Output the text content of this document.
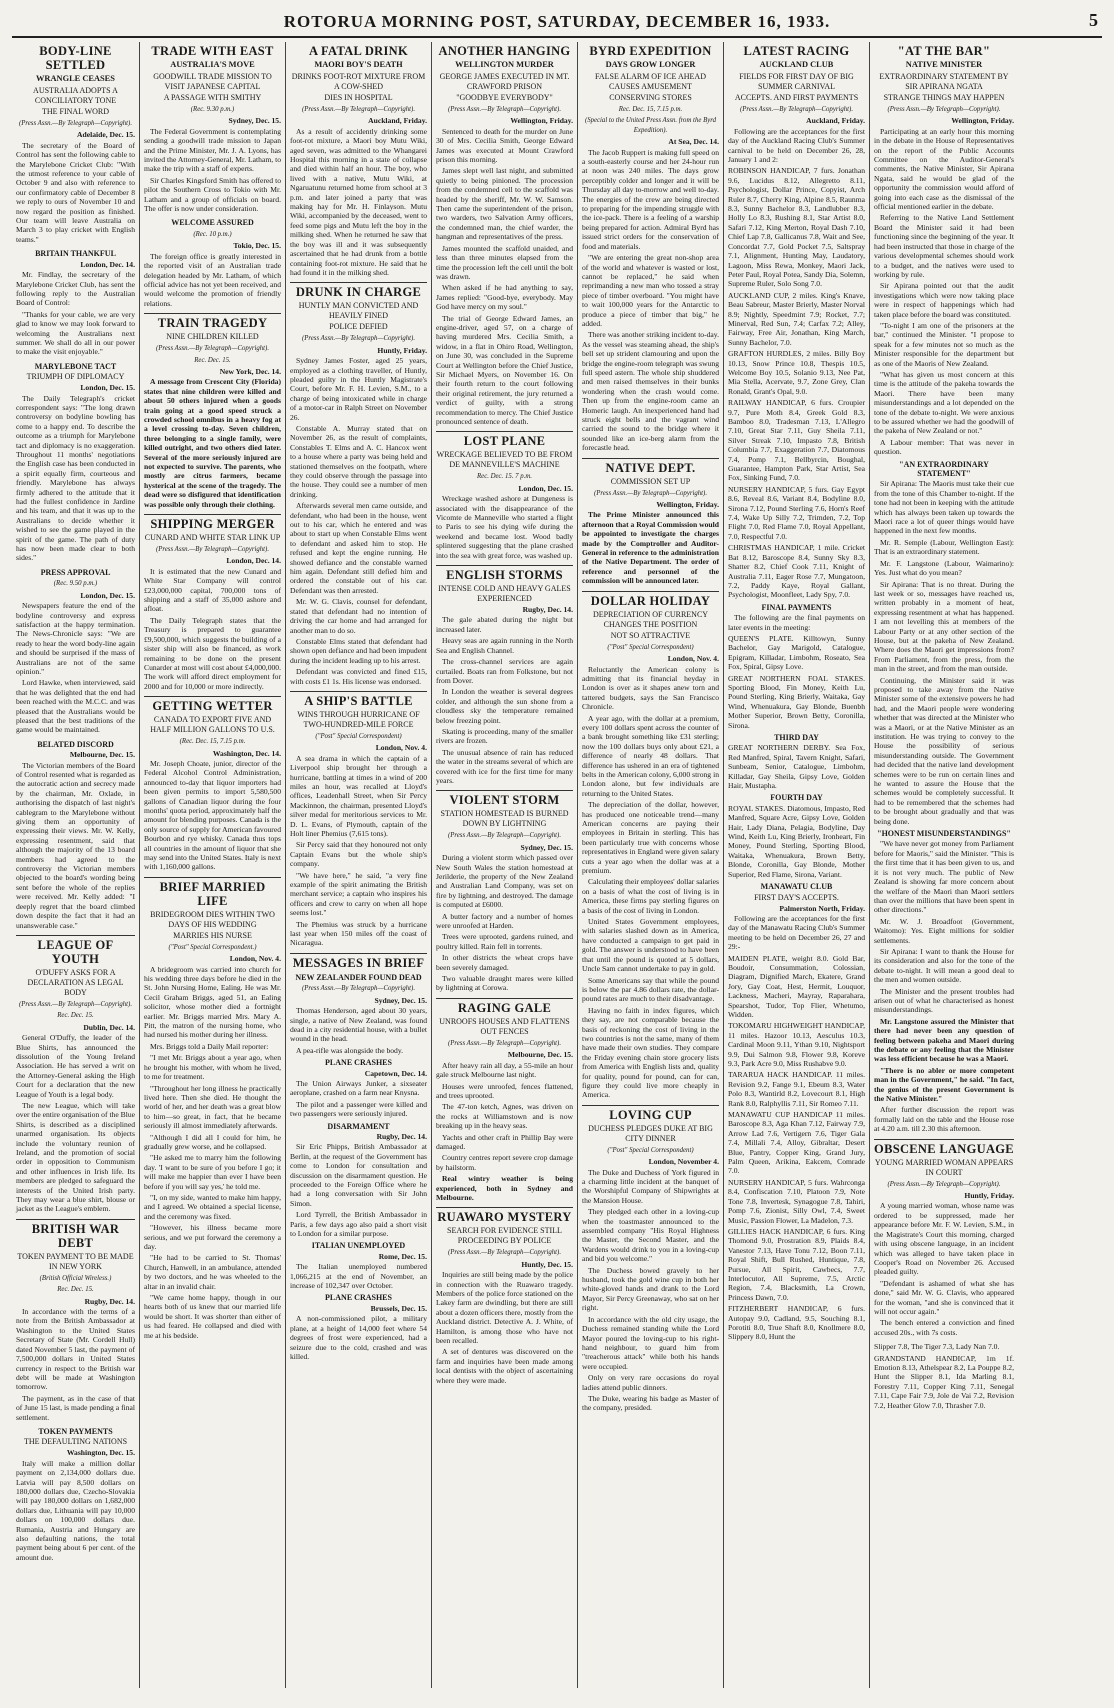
ROTORUA MORNING POST, SATURDAY, DECEMBER 16, 1933.	5
BODY-LINE SETTLED
WRANGLE CEASES
AUSTRALIA ADOPTS A CONCILIATORY TONE
THE FINAL WORD
(Press Assn.—By Telegraph—Copyright).
Adelaide, Dec. 15.

The secretary of the Board of Control has sent the following cable to the Marylebone Cricket Club: "With the utmost reference to your cable of October 9 and also with reference to our confirmatory cable of December 8 we reply to ours of November 10 and now regard the position as finished. Our team will leave Australia on March 3 to play cricket with English teams."

BRITAIN THANKFUL
London, Dec. 14.

Mr. Findlay, the secretary of the Marylebone Cricket Club, has sent the following reply to the Australian Board of Control:

"Thanks for your cable, we are very glad to know we may look forward to welcoming the Australians next summer. We shall do all in our power to make the visit enjoyable."

MARYLEBONE TACT
TRIUMPH OF DIPLOMACY
London, Dec. 15.

The Daily Telegraph's cricket correspondent says: "The long drawn controversy on bodyline bowling has come to a happy end. To describe the outcome as a triumph for Marylebone tact and diplomacy is no exaggeration. Throughout 11 months' negotiations the English case has been conducted in a spirit equally firm, courteous and friendly. Marylebone has always firmly adhered to the attitude that it had the fullest confidence in Jardine and his team, and that it was up to the Australians to decide whether it wished to see the game played in the spirit of the game. The path of duty has now been made clear to both sides."

PRESS APPROVAL
(Rec. 9.50 p.m.)
London, Dec. 15.

Newspapers feature the end of the bodyline controversy and express satisfaction at the happy termination. The News-Chronicle says: "We are ready to hear the word body-line again and should be surprised if the mass of Australians are not of the same opinion."

Lord Hawke, when interviewed, said that he was delighted that the end had been reached with the M.C.C. and was pleased that the Australians would be pleased that the best traditions of the game would be maintained.

BELATED DISCORD
Melbourne, Dec. 15.

The Victorian members of the Board of Control resented what is regarded as the autocratic action and secrecy made by the chairman, Mr. Oxlade, in authorising the dispatch of last night's cablegram to the Marylebone without giving them an opportunity of expressing their views. Mr. W. Kelly, expressing resentment, said that although the majority of the 13 board members had agreed to the controversy the Victorian members objected to the board's wording being sent before the whole of the replies were received. Mr. Kelly added: "I deeply regret that the board climbed down despite the fact that it had an unanswerable case."

LEAGUE OF YOUTH
O'DUFFY ASKS FOR A DECLARATION AS LEGAL BODY
(Press Assn.—By Telegraph—Copyright).
Rec. Dec. 15.
Dublin, Dec. 14.

General O'Duffy, the leader of the Blue Shirts, has announced the dissolution of the Young Ireland Association. He has served a writ on the Attorney-General asking the High Court for a declaration that the new League of Youth is a legal body.

The new League, which will take over the entire organisation of the Blue Shirts, is described as a disciplined unarmed organisation. Its objects include the voluntary reunion of Ireland, and the promotion of social order in opposition to Communism and other influences in Irish life. Its members are pledged to safeguard the interests of the United Irish party. They may wear a blue shirt, blouse or jacket as the League's emblem.

BRITISH WAR DEBT
TOKEN PAYMENT TO BE MADE IN NEW YORK
(British Official Wireless.)
Rec. Dec. 15.
Rugby, Dec. 14.

In accordance with the terms of a note from the British Ambassador at Washington to the United States Secretary of State (Mr. Cordell Hull) dated November 5 last, the payment of 7,500,000 dollars in United States currency in respect to the British war debt will be made at Washington tomorrow.

The payment, as in the case of that of June 15 last, is made pending a final settlement.

TOKEN PAYMENTS
THE DEFAULTING NATIONS
Washington, Dec. 15.

Italy will make a million dollar payment on 2,134,000 dollars due. Latvia will pay 8,500 dollars on 180,000 dollars due, Czecho-Slovakia will pay 180,000 dollars on 1,682,000 dollars due, Lithuania will pay 10,000 dollars on 100,000 dollars due. Rumania, Austria and Hungary are also defaulting nations, the total payment being about 6 per cent. of the amount due.

TRADE WITH EAST
AUSTRALIA'S MOVE
GOODWILL TRADE MISSION TO VISIT JAPANESE CAPITAL
A PASSAGE WITH SMITHY
(Rec. 9.30 p.m.)
Sydney, Dec. 15.

The Federal Government is contemplating sending a goodwill trade mission to Japan and the Prime Minister, Mr. J. A. Lyons, has invited the Attorney-General, Mr. Latham, to make the trip with a staff of experts.

Sir Charles Kingsford Smith has offered to pilot the Southern Cross to Tokio with Mr. Latham and a group of officials on board. The offer is now under consideration.

WELCOME ASSURED
(Rec. 10 p.m.)
Tokio, Dec. 15.

The foreign office is greatly interested in the reported visit of an Australian trade delegation headed by Mr. Latham, of which official advice has not yet been received, and would welcome the promotion of friendly relations.

TRAIN TRAGEDY
NINE CHILDREN KILLED
(Press Assn.—By Telegraph—Copyright).
Rec. Dec. 15.
New York, Dec. 14.

A message from Crescent City (Florida) states that nine children were killed and about 50 others injured when a goods train going at a good speed struck a crowded school omnibus in a heavy fog at a level crossing to-day. Seven children, three belonging to a single family, were killed outright, and two others died later. Several of the more seriously injured are not expected to survive. The parents, who mostly are citrus farmers, became hysterical at the scene of the tragedy. The dead were so disfigured that identification was possible only through their clothing.

SHIPPING MERGER
CUNARD AND WHITE STAR LINK UP
(Press Assn.—By Telegraph—Copyright).
London, Dec. 14.

It is estimated that the new Cunard and White Star Company will control £23,000,000 capital, 700,000 tons of shipping and a staff of 35,000 ashore and afloat.

The Daily Telegraph states that the Treasury is prepared to guarantee £9,500,000, which suggests the building of a sister ship will also be financed, as work remaining to be done on the present Cunarder at most will cost about £4,000,000. The work will afford direct employment for 2000 and for 10,000 or more indirectly.

GETTING WETTER
CANADA TO EXPORT FIVE AND HALF MILLION GALLONS TO U.S.
(Rec. Dec. 15, 7.15 p.m.
Washington, Dec. 14.

Mr. Joseph Choate, junior, director of the Federal Alcohol Control Administration, announced to-day that liquor importers had been given permits to import 5,580,500 gallons of Canadian liquor during the four months' quota period, approximately half the amount for blending purposes. Canada is the only source of supply for American favoured Bourbon and rye whisky. Canada thus tops all countries in the amount of liquor that she may send into the United States. Italy is next with 1,160,000 gallons.

BRIEF MARRIED LIFE
BRIDEGROOM DIES WITHIN TWO DAYS OF HIS WEDDING
MARRIES HIS NURSE
("Post" Special Correspondent.)
London, Nov. 4.

A bridegroom was carried into church for his wedding three days before he died in the St. John Nursing Home, Ealing. He was Mr. Cecil Graham Briggs, aged 51, an Ealing solicitor, whose mother died a fortnight earlier. Mr. Briggs married Mrs. Mary A. Pitt, the matron of the nursing home, who had nursed his mother during her illness.

Mrs. Briggs told a Daily Mail reporter:

"I met Mr. Briggs about a year ago, when he brought his mother, with whom he lived, to me for treatment.

"Throughout her long illness he practically lived here. Then she died. He thought the world of her, and her death was a great blow to him—so great, in fact, that he became seriously ill almost immediately afterwards.

"Although I did all I could for him, he gradually grew worse, and he collapsed.

"He asked me to marry him the following day. 'I want to be sure of you before I go; it will make me happier than ever I have been before if you will say yes,' he told me.

"I, on my side, wanted to make him happy, and I agreed. We obtained a special license, and the ceremony was fixed.

"However, his illness became more serious, and we put forward the ceremony a day.

"He had to be carried to St. Thomas' Church, Hanwell, in an ambulance, attended by two doctors, and he was wheeled to the altar in an invalid chair.

"We came home happy, though in our hearts both of us knew that our married life would be short. It was shorter than either of us had feared. He collapsed and died with me at his bedside.

A FATAL DRINK
MAORI BOY'S DEATH
DRINKS FOOT-ROT MIXTURE FROM A COW-SHED
DIES IN HOSPITAL
(Press Assn.—By Telegraph—Copyright).
Auckland, Friday.

As a result of accidently drinking some foot-rot mixture, a Maori boy Mutu Wiki, aged seven, was admitted to the Whangarei Hospital this morning in a state of collapse and died within half an hour. The boy, who lived with a native, Mutu Wiki, at Ngaruatunu returned home from school at 3 p.m. and later joined a party that was making hay for Mr. H. Finlayson. Mutu Wiki, accompanied by the deceased, went to feed some pigs and Mutu left the boy in the milking shed. When he returned he saw that the boy was ill and it was subsequently ascertained that he had drunk from a bottle containing foot-rot mixture. He said that he had found it in the milking shed.

DRUNK IN CHARGE
HUNTLY MAN CONVICTED AND HEAVILY FINED
POLICE DEFIED
(Press Assn.—By Telegraph—Copyright).
Huntly, Friday.

Sydney James Foster, aged 25 years, employed as a clothing traveller, of Huntly, pleaded guilty in the Huntly Magistrate's Court, before Mr. F. H. Levien, S.M., to a charge of being intoxicated while in charge of a motor-car in Ralph Street on November 26.

Constable A. Murray stated that on November 26, as the result of complaints, Constables T. Elms and A. C. Hancox went to a house where a party was being held and stationed themselves on the footpath, where they could observe through the passage into the house. They could see a number of men drinking.

Afterwards several men came outside, and defendant, who had been in the house, went out to his car, which he entered and was about to start up when Constable Elms went to defendant and asked him to stop. He refused and kept the engine running. He showed defiance and the constable warned him again. Defendant still defied him and ordered the constable out of his car. Defendant was then arrested.

Mr. W. G. Clavis, counsel for defendant, stated that defendant had no intention of driving the car home and had arranged for another man to do so.

Constable Elms stated that defendant had shown open defiance and had been impudent during the incident leading up to his arrest.

Defendant was convicted and fined £15, with costs £1 1s. His license was endorsed.

A SHIP'S BATTLE
WINS THROUGH HURRICANE OF TWO-HUNDRED-MILE FORCE
("Post" Special Correspondent)
London, Nov. 4.

A sea drama in which the captain of a Liverpool ship brought her through a hurricane, battling at times in a wind of 200 miles an hour, was recalled at Lloyd's offices, Leadenhall Street, when Sir Percy Mackinnon, the chairman, presented Lloyd's silver medal for meritorious services to Mr. D. L. Evans, of Plymouth, captain of the Holt liner Phemius (7,615 tons).

Sir Percy said that they honoured not only Captain Evans but the whole ship's company.

"We have here," he said, "a very fine example of the spirit animating the British merchant service; a captain who inspires his officers and crew to carry on when all hope seems lost."

The Phemius was struck by a hurricane last year when 150 miles off the coast of Nicaragua.

MESSAGES IN BRIEF
NEW ZEALANDER FOUND DEAD
(Press Assn.—By Telegraph—Copyright).
Sydney, Dec. 15.

Thomas Henderson, aged about 30 years, single, a native of New Zealand, was found dead in a city residential house, with a bullet wound in the head.

A pea-rifle was alongside the body.

PLANE CRASHES
Capetown, Dec. 14.

The Union Airways Junker, a sixseater aeroplane, crashed on a farm near Knysna.

The pilot and a passenger were killed and two passengers were seriously injured.

DISARMAMENT
Rugby, Dec. 14.

Sir Eric Phipps, British Ambassador at Berlin, at the request of the Government has come to London for consultation and discussion on the disarmament question. He proceeded to the Foreign Office where he had a long conversation with Sir John Simon.

Lord Tyrrell, the British Ambassador in Paris, a few days ago also paid a short visit to London for a similar purpose.

ITALIAN UNEMPLOYED
Rome, Dec. 15.

The Italian unemployed numbered 1,066,215 at the end of November, an increase of 102,347 over October.

PLANE CRASHES
Brussels, Dec. 15.

A non-commissioned pilot, a military plane, at a height of 14,000 feet where 54 degrees of frost were experienced, had a seizure due to the cold, crashed and was killed.

ANOTHER HANGING
WELLINGTON MURDER
GEORGE JAMES EXECUTED IN MT. CRAWFORD PRISON
"GOODBYE EVERYBODY"
(Press Assn.—By Telegraph—Copyright).
Wellington, Friday.

Sentenced to death for the murder on June 30 of Mrs. Cecilia Smith, George Edward James was executed at Mount Crawford prison this morning.

James slept well last night, and submitted quietly to being pinioned. The procession from the condemned cell to the scaffold was headed by the sheriff, Mr. W. W. Samson. Then came the superintendent of the prison, two warders, two Salvation Army officers, the condemned man, the chief warder, the hangman and representatives of the press.

James mounted the scaffold unaided, and less than three minutes elapsed from the time the procession left the cell until the bolt was drawn.

When asked if he had anything to say, James replied: "Good-bye, everybody. May God have mercy on my soul."

The trial of George Edward James, an engine-driver, aged 57, on a charge of having murdered Mrs. Cecilia Smith, a widow, in a flat in Ohiro Road, Wellington, on June 30, was concluded in the Supreme Court at Wellington before the Chief Justice, Sir Michael Myers, on November 16. On their fourth return to the court following their original retirement, the jury returned a verdict of guilty, with a strong recommendation to mercy. The Chief Justice pronounced sentence of death.

LOST PLANE
WRECKAGE BELIEVED TO BE FROM DE MANNEVILLE'S MACHINE
Rec. Dec. 15. 7 p.m.
London, Dec. 15.

Wreckage washed ashore at Dungeness is associated with the disappearance of the Vicomte de Manneville who started a flight to Paris to see his dying wife during the weekend and became lost. Wood badly splintered suggesting that the plane crashed into the sea with great force, was washed up.

ENGLISH STORMS
INTENSE COLD AND HEAVY GALES EXPERIENCED
Rugby, Dec. 14.

The gale abated during the night but increased later.

Heavy seas are again running in the North Sea and English Channel.

The cross-channel services are again curtailed. Boats ran from Folkstone, but not from Dover.

In London the weather is several degrees colder, and although the sun shone from a cloudless sky the temperature remained below freezing point.

Skating is proceeding, many of the smaller rivers are frozen.

The unusual absence of rain has reduced the water in the streams several of which are covered with ice for the first time for many years.

VIOLENT STORM
STATION HOMESTEAD IS BURNED DOWN BY LIGHTNING
(Press Assn.—By Telegraph—Copyright).
Sydney, Dec. 15.

During a violent storm which passed over New South Wales the station homestead at Jerilderie, the property of the New Zealand and Australian Land Company, was set on fire by lightning, and destroyed. The damage is computed at £6000.

A butter factory and a number of homes were unroofed at Harden.

Trees were uprooted, gardens ruined, and poultry killed. Rain fell in torrents.

In other districts the wheat crops have been severely damaged.

Two valuable draught mares were killed by lightning at Corowa.

RAGING GALE
UNROOFS HOUSES AND FLATTENS OUT FENCES
(Press Assn.—By Telegraph—Copyright).
Melbourne, Dec. 15.

After heavy rain all day, a 55-mile an hour gale struck Melbourne last night.

Houses were unroofed, fences flattened, and trees uprooted.

The 47-ton ketch, Agnes, was driven on the rocks at Williamstown and is now breaking up in the heavy seas.

Yachts and other craft in Phillip Bay were damaged.

Country centres report severe crop damage by hailstorm.

Real wintry weather is being experienced, both in Sydney and Melbourne.

RUAWARO MYSTERY
SEARCH FOR EVIDENCE STILL PROCEEDING BY POLICE
(Press Assn.—By Telegraph—Copyright).
Huntly, Dec. 15.

Inquiries are still being made by the police in connection with the Ruawaro tragedy. Members of the police force stationed on the Lakey farm are dwindling, but there are still about a dozen officers there, mostly from the Auckland district. Detective A. J. White, of Hamilton, is among those who have not been recalled.

A set of dentures was discovered on the farm and inquiries have been made among local dentists with the object of ascertaining where they were made.

BYRD EXPEDITION
DAYS GROW LONGER
FALSE ALARM OF ICE AHEAD CAUSES AMUSEMENT
CONSERVING STORES
Rec. Dec. 15, 7.15 p.m.
(Special to the United Press Assn. from the Byrd Expedition).
At Sea, Dec. 14.

The Jacob Ruppert is making full speed on a south-easterly course and her 24-hour run at noon was 240 miles. The days grow perceptibly colder and longer and it will be Thursday all day to-morrow and well to-day. The energies of the crew are being directed to preparing for the impending struggle with the ice-pack. There is a feeling of a warship being prepared for action. Admiral Byrd has issued strict orders for the conservation of food and materials.

"We are entering the great non-shop area of the world and whatever is wasted or lost, cannot be replaced," he said when reprimanding a new man who tossed a stray piece of timber overboard. "You might have to wait 100,000 years for the Antarctic to produce a piece of timber that big," he added.

There was another striking incident to-day. As the vessel was steaming ahead, the ship's bell set up strident clamouring and upon the bridge the engine-room telegraph was swung full speed astern. The whole ship shuddered and men raised themselves in their bunks wondering when the crash would come. Then up from the engine-room came an Homeric laugh. An inexperienced hand had struck eight bells and the vagrant wind carried the sound to the bridge where it sounded like an ice-berg alarm from the forecastle head.

NATIVE DEPT.
COMMISSION SET UP
(Press Assn.—By Telegraph—Copyright).
Wellington, Friday.

The Prime Minister announced this afternoon that a Royal Commission would be appointed to investigate the charges made by the Comptroller and Auditor-General in reference to the administration of the Native Department. The order of reference and personnel of the commission will be announced later.

DOLLAR HOLIDAY
DEPRECIATION OF CURRENCY CHANGES THE POSITION
NOT SO ATTRACTIVE
("Post" Special Correspondent)
London, Nov. 4.

Reluctantly the American colony is admitting that its financial heyday in London is over as it shapes anew torn and tattered budgets, says the San Francisco Chronicle.

A year ago, with the dollar at a premium, every 100 dollars spent across the counter of a bank brought something like £31 sterling; now the 100 dollars buys only about £21, a difference of nearly 48 dollars. That difference has ushered in an era of tightened belts in the American colony, 6,000 strong in London alone, but few individuals are returning to the United States.

The depreciation of the dollar, however, has produced one noticeable trend—many American concerns are paying their employees in Britain in sterling. This has been particularly true with concerns whose representatives in England were given salary cuts a year ago when the dollar was at a premium.

Calculating their employees' dollar salaries on a basis of what the cost of living is in America, these firms pay sterling figures on a basis of the cost of living in London.

United States Government employees, with salaries slashed down as in America, have conducted a campaign to get paid in gold. The answer is understood to have been that until the pound is quoted at 5 dollars, Uncle Sam cannot undertake to pay in gold.

Some Americans say that while the pound is below the par 4.86 dollars rate, the dollar-pound rates are much to their disadvantage.

Having no faith in index figures, which they say, are not comparable because the basis of reckoning the cost of living in the two countries is not the same, many of them have made their own studies. They compare the Friday evening chain store grocery lists from America with English lists and, quality for quality, pound for pound, can for can, figure they could live more cheaply in America.

LOVING CUP
DUCHESS PLEDGES DUKE AT BIG CITY DINNER
("Post" Special Correspondent)
London, November 4.

The Duke and Duchess of York figured in a charming little incident at the banquet of the Worshipful Company of Shipwrights at the Mansion House.

They pledged each other in a loving-cup when the toastmaster announced to the assembled company "His Royal Highness the Master, the Second Master, and the Wardens would drink to you in a loving-cup and bid you welcome."

The Duchess bowed gravely to her husband, took the gold wine cup in both her white-gloved hands and drank to the Lord Mayor, Sir Percy Greenaway, who sat on her right.

In accordance with the old city usage, the Duchess remained standing while the Lord Mayor poured the loving-cup to his right-hand neighbour, to guard him from "treacherous attack" while both his hands were occupied.

Only on very rare occasions do royal ladies attend public dinners.

The Duke, wearing his badge as Master of the company, presided.

LATEST RACING
AUCKLAND CLUB
FIELDS FOR FIRST DAY OF BIG SUMMER CARNIVAL
ACCEPTS. AND FIRST PAYMENTS
(Press Assn.—By Telegraph—Copyright).
Auckland, Friday.

Following are the acceptances for the first day of the Auckland Racing Club's Summer carnival to be held on December 26, 28, January 1 and 2:

ROBINSON HANDICAP, 7 furs. Jonathan 9.6, Lucidus 8.12, Allegretto 8.11, Psychologist, Dollar Prince, Copyist, Arch Ruler 8.7, Cherry King, Alpine 8.5, Raunma 8.3, Sunny Bachelor 8.3, Landlubber 8.3, Holly Lo 8.3, Rushing 8.1, Star Artist 8.0, Safari 7.12, King Merton, Royal Dash 7.10, Chief Lap 7.8, Gallicanus 7.8, Wait and See, Concordat 7.7, Gold Pocket 7.5, Saltspray 7.1, Alignment, Hunting May, Laudatory, Lagoon, Miss Rewa, Monkey, Maori Jack, Peter Paul, Royal Potea, Sandy Dia, Solemn, Supreme Ruler, Solo Song 7.0.

AUCKLAND CUP, 2 miles. King's Knave, Beau Sabreur, Master Brierly, Master Norval 8.9; Nightly, Speedmint 7.9; Rocket, 7.7; Minerval, Red Sun, 7.4; Carfax 7.2; Alley, Fairway, Free Air, Jonathan, King March, Sunny Bachelor, 7.0.

GRAFTON HURDLES, 2 miles. Billy Boy 10.13, Snow Prince 10.8, Thespis 10.5, Welcome Boy 10.5, Solanio 9.13, Nee Pat, Mia Stella, Acervate, 9.7, Zone Grey, Clan Ronald, Grant's Opal, 9.0.

RAILWAY HANDICAP, 6 furs. Croupier 9.7, Pure Moth 8.4, Greek Gold 8.3, Bamboo 8.0, Tradesman 7.13, L'Allegro 7.10, Great Star 7.11, Guy Sheila 7.11, Silver Streak 7.10, Impasto 7.8, British Columbia 7.7, Exaggeration 7.7, Diatomous 7.4, Pomp 7.1, Bellbyrcin, Boughal, Guarantee, Hampton Park, Star Artist, Sea Fox, Sinking Fund, 7.0.

NURSERY HANDICAP, 5 furs. Gay Egypt 8.6, Reveal 8.6, Variant 8.4, Bodyline 8.0, Sirona 7.12, Pound Sterling 7.6, Horn's Reef 7.4, Wake Up Silly 7.2, Trimden, 7.2, Top Flight 7.0, Red Flame 7.0, Royal Appellant, 7.0, Respectful 7.0.

CHRISTMAS HANDICAP, 1 mile. Cricket Bat 8.12, Baroscope 8.4, Sunny Sky 8.3, Shatter 8.2, Chief Cook 7.11, Knight of Australia 7.11, Eager Rose 7.7, Mungatoon, 7.2, Paddy Kaye, Royal Gallant, Psychologist, Moonfleet, Lady Spy, 7.0.

FINAL PAYMENTS

The following are the final payments on later events in the meeting:

QUEEN'S PLATE. Killtowyn, Sunny Bachelor, Gay Marigold, Catalogue, Epigram, Killadar, Limbohm, Roseato, Sea Fox, Spiral, Gipsy Love.

GREAT NORTHERN FOAL STAKES. Sporting Blood, Fin Money, Keith Lu, Pound Sterling, King Brierly, Waitaka, Gay Wind, Whenuakura, Gay Blonde, Buenbh Mother Superior, Brown Betty, Coronilla, Sirona.

THIRD DAY

GREAT NORTHERN DERBY. Sea Fox, Red Manfred, Spiral, Tavern Knight, Safari, Sunbeam, Senior, Catalogue, Limbohm, Killadar, Gay Sheila, Gipsy Love, Golden Hair, Mustapha.

FOURTH DAY

ROYAL STAKES. Diatomous, Impasto, Red Manfred, Square Acre, Gipsy Love, Golden Hair, Lady Diana, Pelagia, Bodyline, Day Wind, Keith Lu, King Brierly, Ironheart, Fin Money, Pound Sterling, Sporting Blood, Waitaka, Whenuakura, Brown Betty, Blonde, Coronilla, Gay Blonde, Mother Superior, Red Flame, Sirona, Variant.

MANAWATU CLUB
FIRST DAY'S ACCEPTS.
Palmerston North, Friday.

Following are the acceptances for the first day of the Manawatu Racing Club's Summer meeting to be held on December 26, 27 and 29:-

MAIDEN PLATE, weight 8.0. Gold Bar, Boudoir, Consummation, Colossian, Diagram, Dignified March, Ekatere, Grand Jory, Gay Coat, Hest, Hermit, Louquor, Lackness, Macheri, Mayray, Raparahara, Spearshot, Tudor, Top Flier, Whetumo, Widden.

TOKOMARU HIGHWEIGHT HANDICAP, 11 miles. Hazoor 10.13, Aesculus 10.3, Cardinal Moon 9.11, Ythan 9.10, Nightsport 9.9, Dui Salmon 9.8, Flower 9.8, Koreve 9.3, Park Acre 9.0, Miss Rushabve 9.0.

TARARUA HACK HANDICAP. 11 miles. Revision 9.2, Fange 9.1, Ebeum 8.3, Water Polo 8.3, Wantirld 8.2, Lovecourt 8.1, High Rank 8.0, Ralphyllis 7.11, Sir Romeo 7.11.

MANAWATU CUP HANDICAP 11 miles. Baroscope 8.3, Aga Khan 7.12, Fairway 7.9, Arrow Lad 7.6, Vertigern 7.6, Tiger Gala 7.4, Millali 7.4, Alloy, Gibraltar, Desert Blue, Pantry, Copper King, Grand Jury, Palm Queen, Arikina, Eakcem, Comrade 7.0.

NURSERY HANDICAP, 5 furs. Wahrconga 8.4, Confiscation 7.10, Platoon 7.9, Note Tone 7.8, Invertesk, Synagogue 7.8, Tahiri, Pomp 7.6, Zionist, Silly Owl, 7.4, Sweet Music, Passion Flower, La Madelon, 7.3.

GILLIES HACK HANDICAP, 6 furs. King Thomond 9.0, Prostration 8.9, Plaids 8.4, Vanestor 7.13, Have Tonu 7.12, Boon 7.11, Royal Shift, Bull Rushed, Huntique, 7.8, Pursue, All Spirit, Cawbecs, 7.7, Interlocutor, All Supreme, 7.5, Arctic Region, 7.4, Blacksmith, La Crown, Princess Dawn, 7.0.

FITZHERBERT HANDICAP, 6 furs. Autopay 9.0, Cadland, 9.5, Souching 8.1, Porotiti 8.0, True Shaft 8.0, Knollmere 8.0, Slippery 8.0, Hunt the

"AT THE BAR"
NATIVE MINISTER
EXTRAORDINARY STATEMENT BY SIR APIRANA NGATA
STRANGE THINGS MAY HAPPEN
(Press Assn.—By Telegraph—Copyright).
Wellington, Friday.

Participating at an early hour this morning in the debate in the House of Representatives on the report of the Public Accounts Committee on the Auditor-General's comments, the Native Minister, Sir Apirana Ngata, said he would be glad of the opportunity the commission would afford of going into each case as the dismissal of the official mentioned earlier in the debate.

Referring to the Native Land Settlement Board the Minister said it had been functioning since the beginning of the year. It had been instructed that those in charge of the various developmental schemes should work to a budget, and the natives were used to working by rule.

Sir Apirana pointed out that the audit investigations which were now taking place were in respect of happenings which had taken place before the board was constituted.

"To-night I am one of the prisoners at the bar," continued the Minister. "I propose to speak for a few minutes not so much as the Minister responsible for the department but as one of the Maoris of New Zealand.

"What has given us most concern at this time is the attitude of the pakeha towards the Maori. There have been many misunderstandings and a lot depended on the tone of the debate to-night. We were anxious to be assured whether we had the goodwill of the pakeha of New Zealand or not."

A Labour member: That was never in question.

"AN EXTRAORDINARY STATEMENT"

Sir Apirana: The Maoris must take their cue from the tone of this Chamber to-night. If the tone had not been in keeping with the attitude which has always been taken up towards the Maori race a lot of queer things would have happened in the next few months.

Mr. R. Semple (Labour, Wellington East): That is an extraordinary statement.

Mr. F. Langstone (Labour, Waimarino): Yes. Just what do you mean?

Sir Apirana: That is no threat. During the last week or so, messages have reached us, written probably in a moment of heat, expressing resentment at what has happened. I am not levelling this at members of the Labour Party or at any other section of the House, but at the pakeha of New Zealand. Where does the Maori get impressions from? From Parliament, from the press, from the man in the street, and from the man outside.

Continuing, the Minister said it was proposed to take away from the Native Minister some of the extensive powers he had had, and the Maori people were wondering whether that was directed at the Minister who was a Maori, or at the Native Minister as an institution. He was trying to convey to the House the possibility of serious misunderstanding outside. The Government had decided that the native land development schemes were to be run on certain lines and he wanted to assure the House that the schemes would be completely successful. It had to be remembered that the schemes had to be brought about gradually and that was being done.

"HONEST MISUNDERSTANDINGS"

"We have never got money from Parliament before for Maoris," said the Minister. "This is the first time that it has been given to us, and it is not very much. The public of New Zealand is showing far more concern about the welfare of the Maori than Maori settlers than over the millions that have been spent in other directions."

Mr. W. J. Broadfoot (Government, Waitomo): Yes. Eight millions for soldier settlements.

Sir Apirana: I want to thank the House for its consideration and also for the tone of the debate to-night. It will mean a good deal to the men and women outside.

The Minister and the present troubles had arisen out of what he characterised as honest misunderstandings.

Mr. Langstone assured the Minister that there had never been any question of feeling between pakeha and Maori during the debate or any feeling that the Minister was less efficient because he was a Maori.

"There is no abler or more competent man in the Government," he said. "In fact, the genius of the present Government is the Native Minister."

After further discussion the report was formally laid on the table and the House rose at 4.20 a.m. till 2.30 this afternoon.

OBSCENE LANGUAGE
YOUNG MARRIED WOMAN APPEARS IN COURT
(Press Assn.—By Telegraph—Copyright).
Huntly, Friday.

A young married woman, whose name was ordered to be suppressed, made her appearance before Mr. F. W. Levien, S.M., in the Magistrate's Court this morning, charged with using obscene language, in an incident which was alleged to have taken place in Cooper's Road on November 26. Accused pleaded guilty.

"Defendant is ashamed of what she has done," said Mr. W. G. Clavis, who appeared for the woman, "and she is convinced that it will not occur again."

The bench entered a conviction and fined accused 20s., with 7s costs.

Slipper 7.8, The Tiger 7.3, Lady Nan 7.0.

GRANDSTAND HANDICAP, 1m 1f. Emotion 8.13, Athelspear 8.2, La Pouppe 8.2, Hunt the Slipper 8.1, Ida Marling 8.1, Forestry 7.11, Copper King 7.11, Senegal 7.11, Cape Fair 7.9, Jole de Vai 7.2, Revision 7.2, Heather Glow 7.0, Thrasher 7.0.
